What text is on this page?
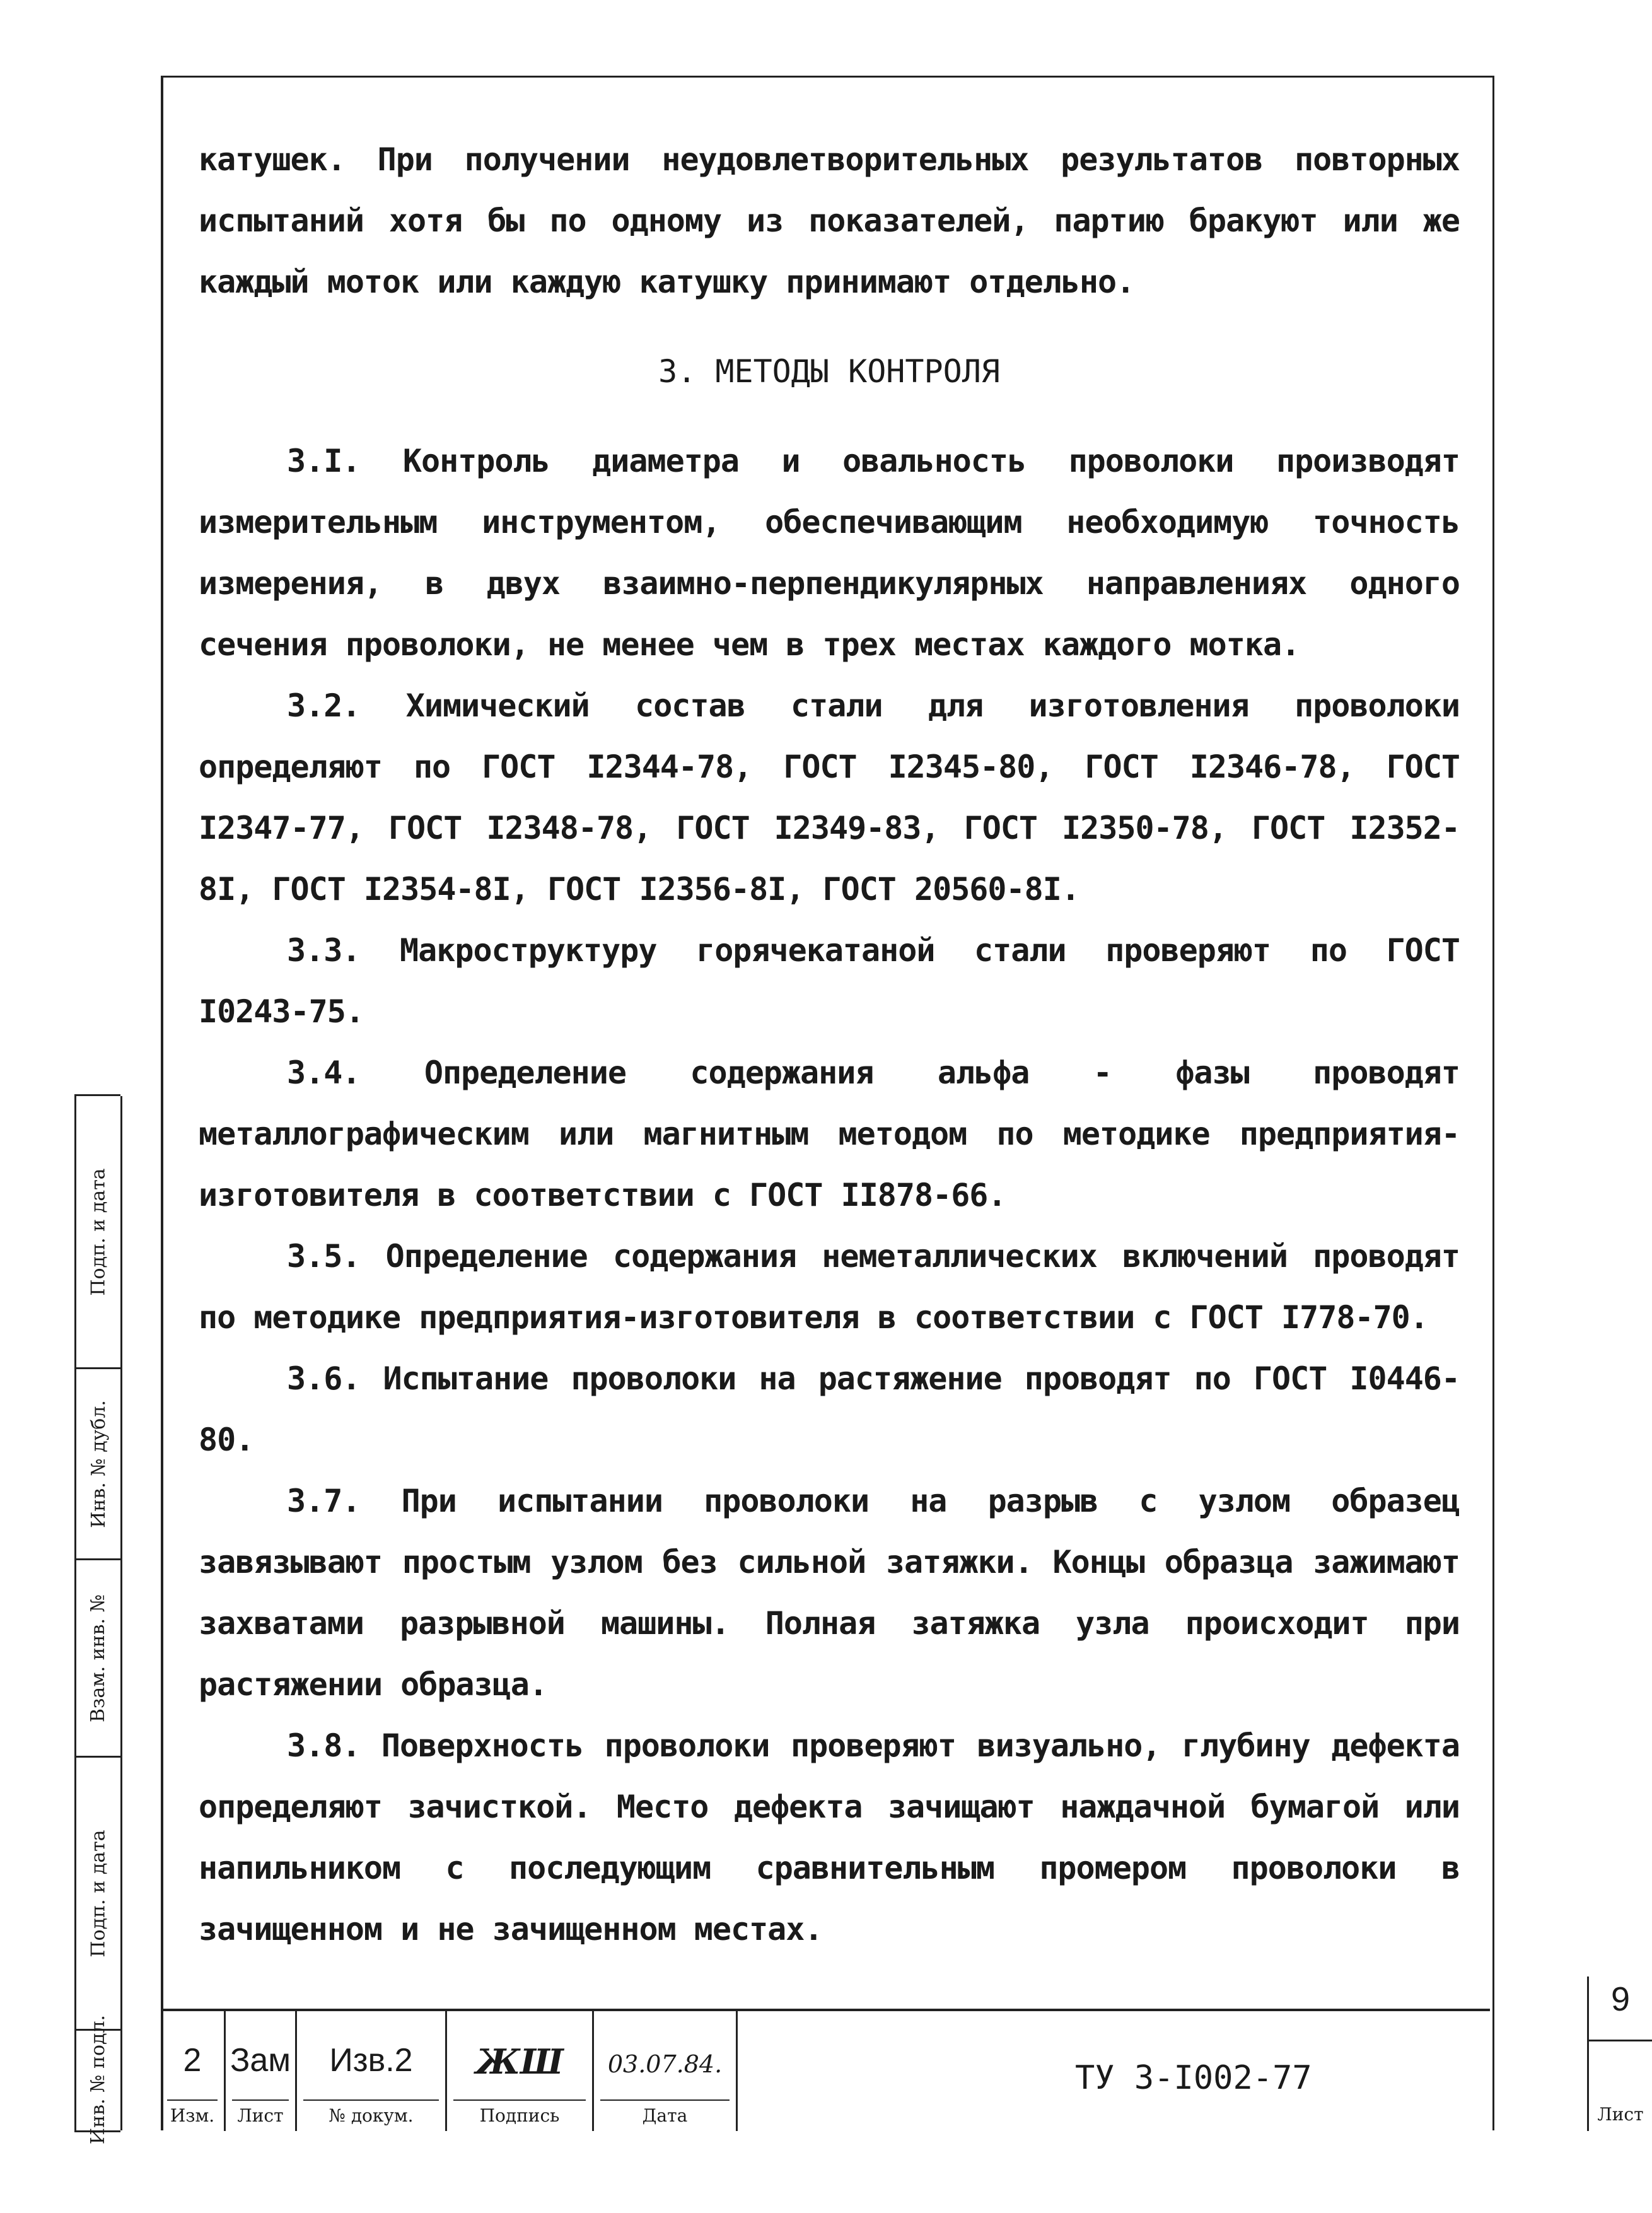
катушек. При получении неудовлетворительных результатов повторных испытаний хотя бы по одному из показателей, партию бракуют или же каждый моток или каждую катушку принимают отдельно.

3. МЕТОДЫ КОНТРОЛЯ

3.I. Контроль диаметра и овальность проволоки производят измерительным инструментом, обеспечивающим необходимую точность измерения, в двух взаимно-перпендикулярных направлениях одного сечения проволоки, не менее чем в трех местах каждого мотка.

3.2. Химический состав стали для изготовления проволоки определяют по ГОСТ I2344-78, ГОСТ I2345-80, ГОСТ I2346-78, ГОСТ I2347-77, ГОСТ I2348-78, ГОСТ I2349-83, ГОСТ I2350-78, ГОСТ I2352-8I, ГОСТ I2354-8I, ГОСТ I2356-8I, ГОСТ 20560-8I.

3.3. Макроструктуру горячекатаной стали проверяют по ГОСТ I0243-75.

3.4. Определение содержания альфа - фазы проводят металлографическим или магнитным методом по методике предприятия-изготовителя в соответствии с ГОСТ II878-66.

3.5. Определение содержания неметаллических включений проводят по методике предприятия-изготовителя в соответствии с ГОСТ I778-70.

3.6. Испытание проволоки на растяжение проводят по ГОСТ I0446-80.

3.7. При испытании проволоки на разрыв с узлом образец завязывают простым узлом без сильной затяжки. Концы образца зажимают захватами разрывной машины. Полная затяжка узла происходит при растяжении образца.

3.8. Поверхность проволоки проверяют визуально, глубину дефекта определяют зачисткой. Место дефекта зачищают наждачной бумагой или напильником с последующим сравнительным промером проволоки в зачищенном и не зачищенном местах.

Подп. и дата
Инв. № дубл.
Взам. инв. №
Подп. и дата
Инв. № подл.	2
Изм.
Зам
Лист
Изв.2
№ докум.
ЖШ
Подпись
03.07.84.
Дата
ТУ 3-I002-77
9
Лист
